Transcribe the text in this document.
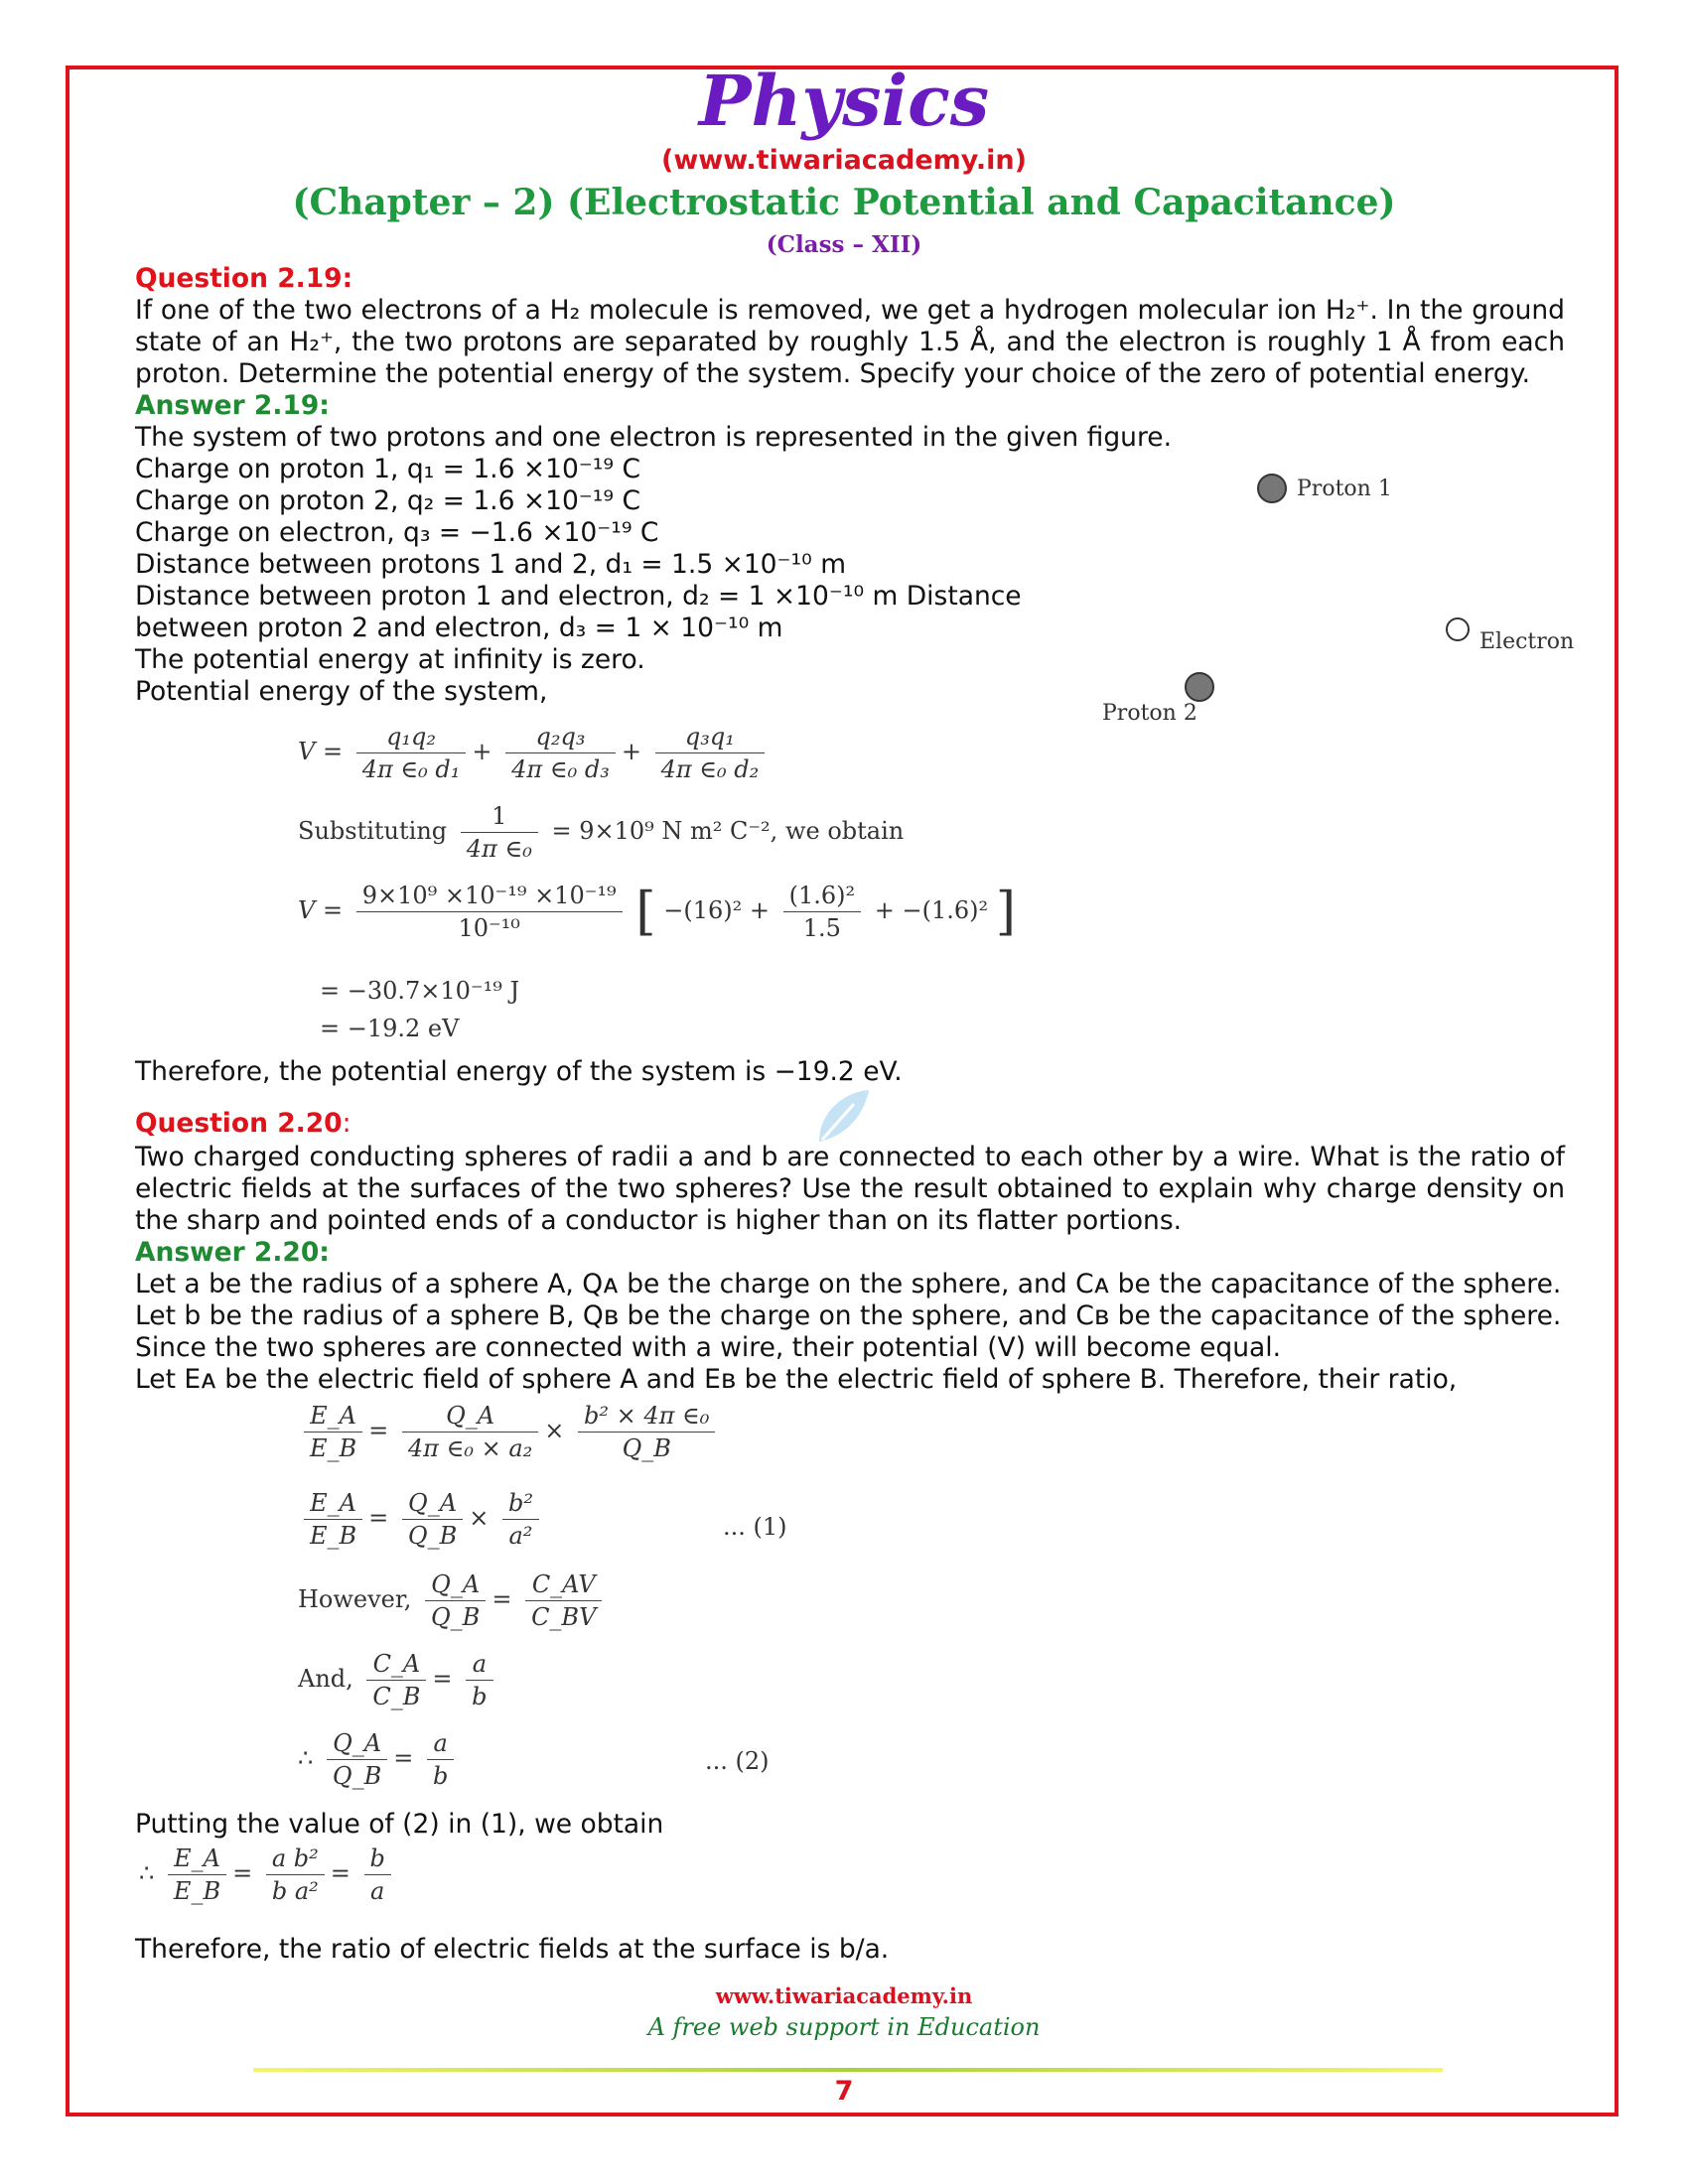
Physics
(www.tiwariacademy.in)
(Chapter – 2) (Electrostatic Potential and Capacitance)
(Class – XII)
Question 2.19:
If one of the two electrons of a H₂ molecule is removed, we get a hydrogen molecular ion H₂⁺. In the ground
state of an H₂⁺, the two protons are separated by roughly 1.5 Å, and the electron is roughly 1 Å from each
proton. Determine the potential energy of the system. Specify your choice of the zero of potential energy.
Answer 2.19:
The system of two protons and one electron is represented in the given figure.
Charge on proton 1, q₁ = 1.6 ×10⁻¹⁹ C
Charge on proton 2, q₂ = 1.6 ×10⁻¹⁹ C
Charge on electron, q₃ = −1.6 ×10⁻¹⁹ C
Distance between protons 1 and 2, d₁ = 1.5 ×10⁻¹⁰ m
Distance between proton 1 and electron, d₂ = 1 ×10⁻¹⁰ m Distance
between proton 2 and electron, d₃ = 1 × 10⁻¹⁰ m
The potential energy at infinity is zero.
Potential energy of the system,
Proton 1
Electron
Proton 2
$V = \frac{\text{q₁q₂}}{\text{4π ∈₀ d₁}} + \frac{\text{q₂q₃}}{\text{4π ∈₀ d₃}} + \frac{\text{q₃q₁}}{\text{4π ∈₀ d₂}}$
Substituting $\frac{1}{\text{4π ∈₀}} = 9\times 10^9$ N m² C⁻², we obtain
$V = \frac{\text{9×10⁹ ×10⁻¹⁹ ×10⁻¹⁹}}{\text{10⁻¹⁰}}$ [ $-(16)^2 + \frac{\text{(1.6)²}}{1.5} + -(1.6)^2$ ]
= −30.7×10⁻¹⁹ J
= −19.2 eV
Therefore, the potential energy of the system is −19.2 eV.
Question 2.20:
Two charged conducting spheres of radii a and b are connected to each other by a wire. What is the ratio of
electric fields at the surfaces of the two spheres? Use the result obtained to explain why charge density on
the sharp and pointed ends of a conductor is higher than on its flatter portions.
Answer 2.20:
Let a be the radius of a sphere A, Qᴀ be the charge on the sphere, and Cᴀ be the capacitance of the sphere.
Let b be the radius of a sphere B, Qʙ be the charge on the sphere, and Cʙ be the capacitance of the sphere.
Since the two spheres are connected with a wire, their potential (V) will become equal.
Let Eᴀ be the electric field of sphere A and Eʙ be the electric field of sphere B. Therefore, their ratio,
$\frac{E\_A}{E\_B} = \frac{Q\_A}{\text{4π ∈₀ × a₂}} \times \frac{\text{b² × 4π ∈₀}}{Q\_B}$
$\frac{E\_A}{E\_B} = \frac{Q\_A}{Q\_B} \times \frac{\text{b²}}{\text{a²}}$	... (1)
However, $\frac{Q\_A}{Q\_B} = \frac{C\_AV}{C\_BV}$
And, $\frac{C\_A}{C\_B} = \frac{a}{b}$
∴ $\frac{Q\_A}{Q\_B} = \frac{a}{b}$	... (2)
Putting the value of (2) in (1), we obtain
∴ $\frac{E\_A}{E\_B} = \frac{\text{a b²}}{\text{b a²}} = \frac{b}{a}$
Therefore, the ratio of electric fields at the surface is b/a.
www.tiwariacademy.in
A free web support in Education
7
